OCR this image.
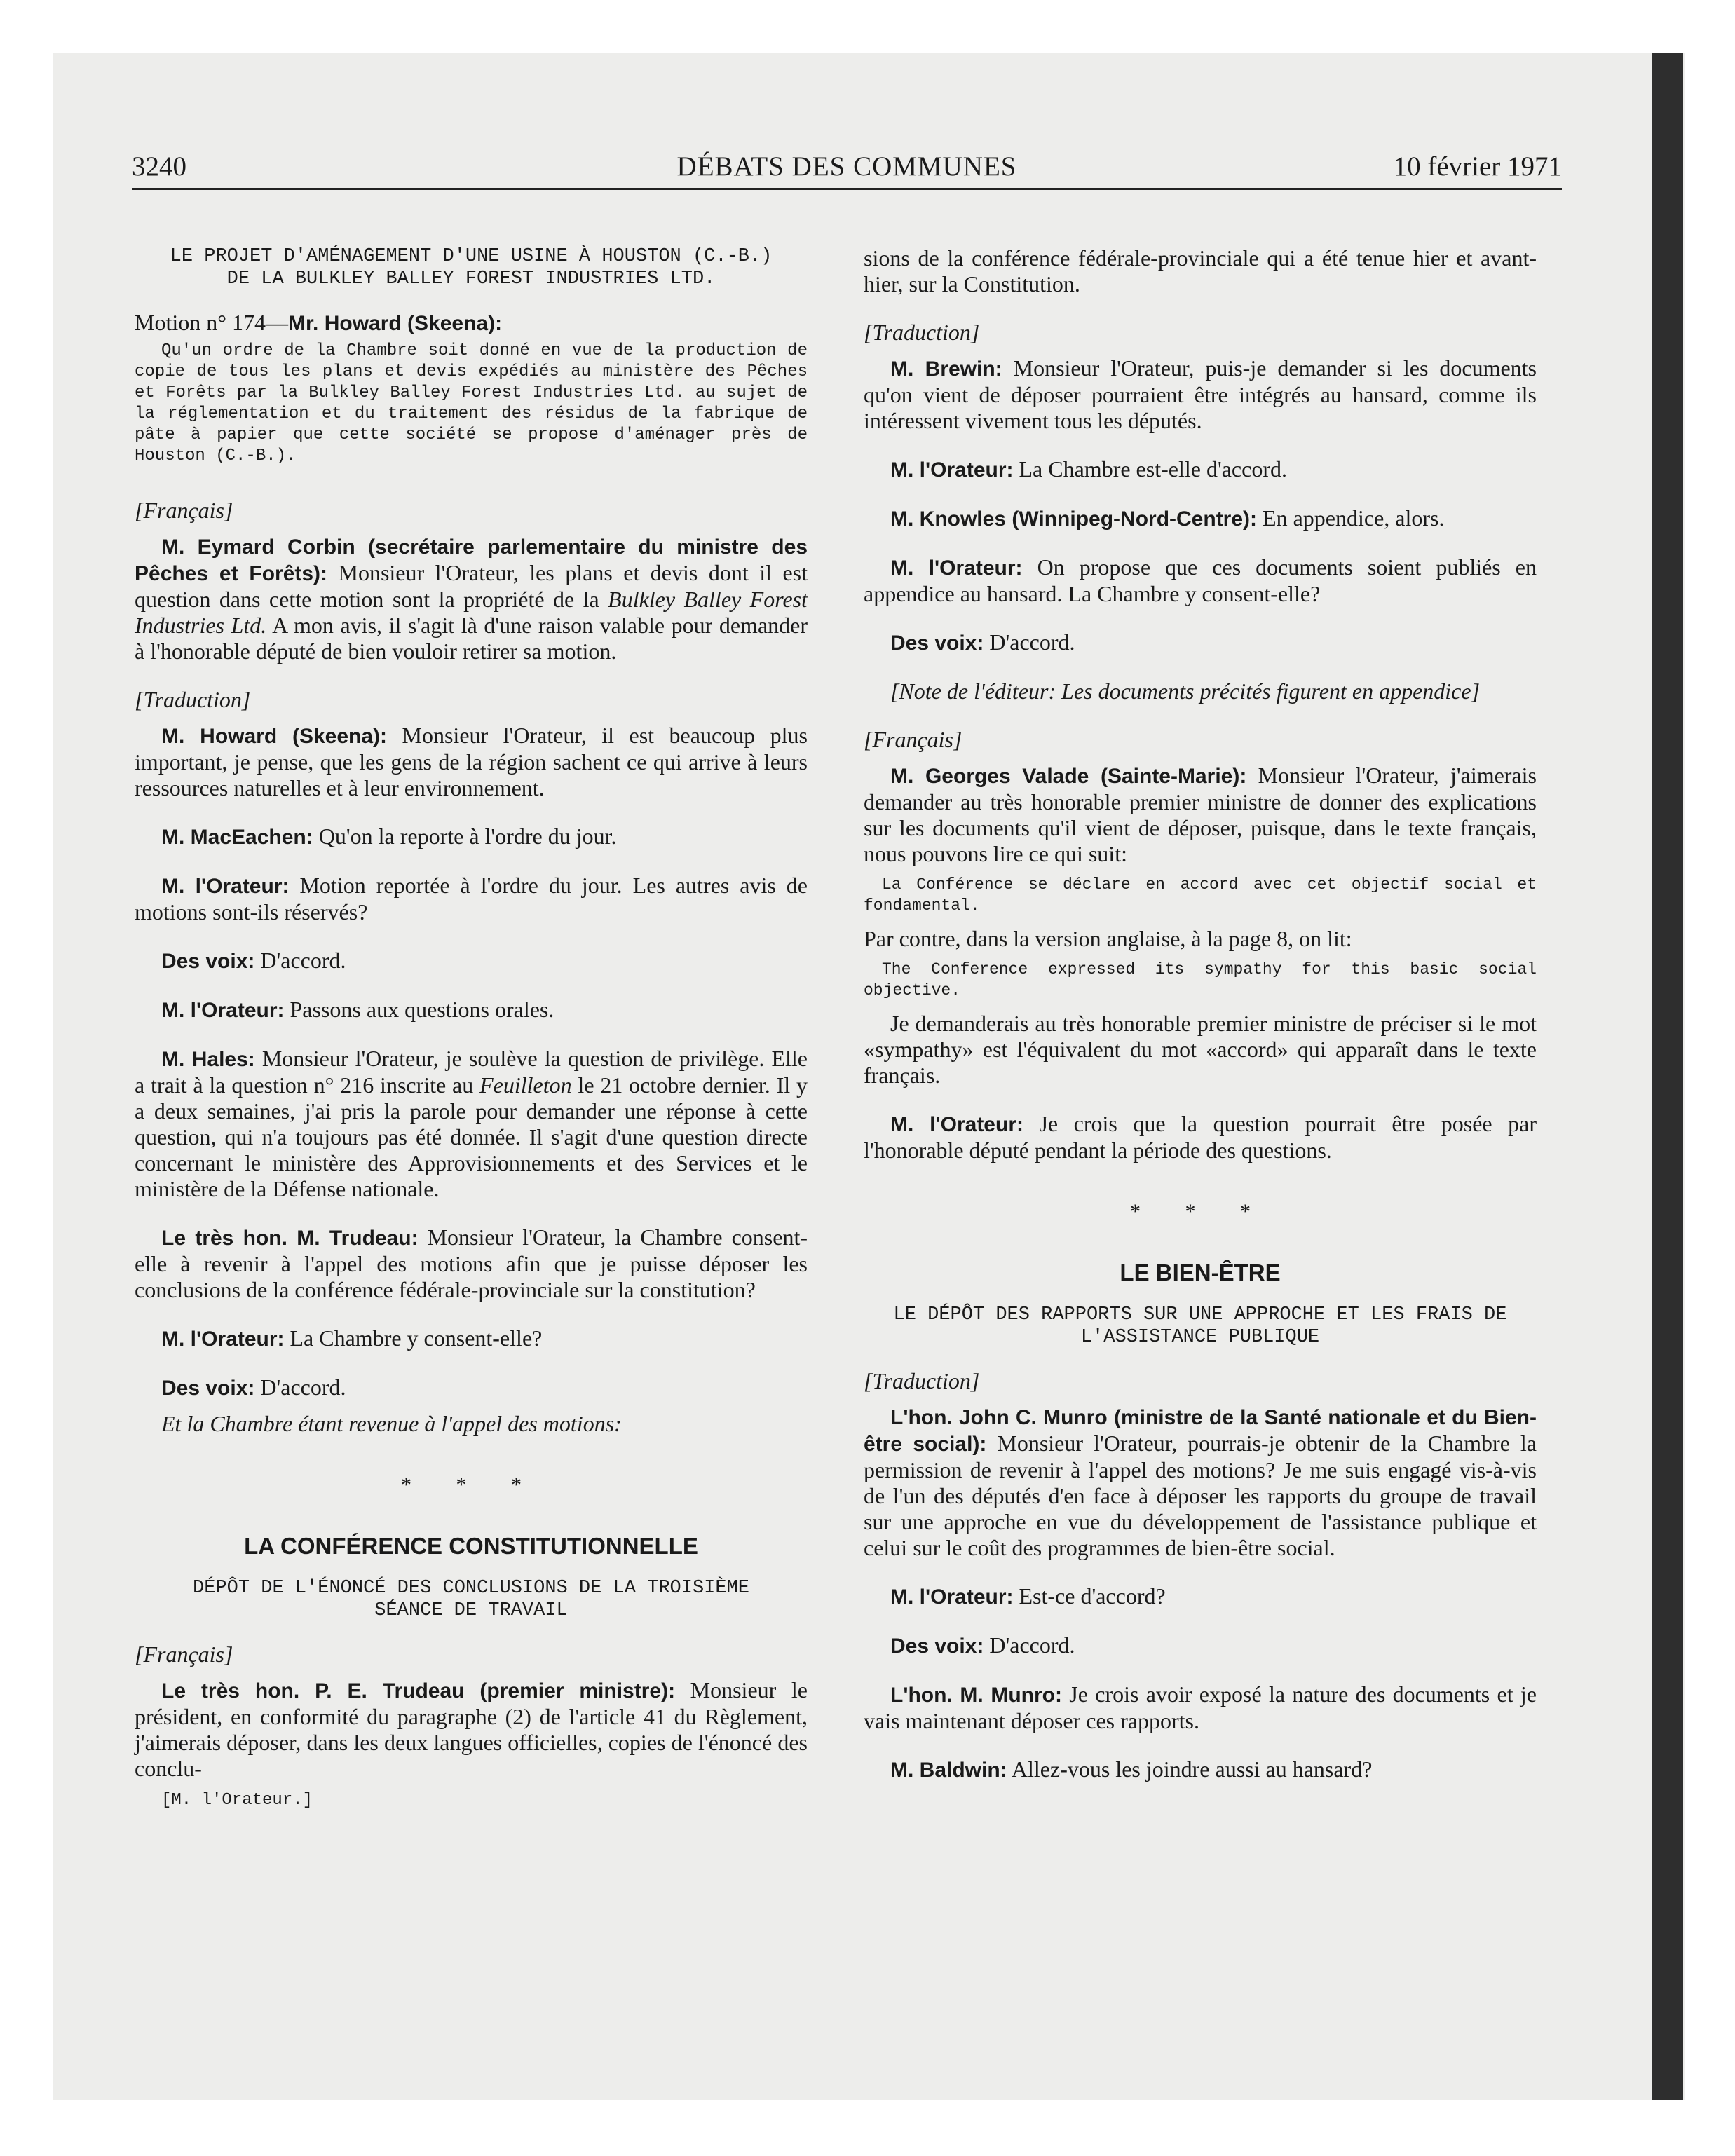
3240	DÉBATS DES COMMUNES	10 février 1971

LE PROJET D'AMÉNAGEMENT D'UNE USINE À HOUSTON (C.-B.) DE LA BULKLEY BALLEY FOREST INDUSTRIES LTD.

Motion n° 174—Mr. Howard (Skeena):

Qu'un ordre de la Chambre soit donné en vue de la production de copie de tous les plans et devis expédiés au ministère des Pêches et Forêts par la Bulkley Balley Forest Industries Ltd. au sujet de la réglementation et du traitement des résidus de la fabrique de pâte à papier que cette société se propose d'aménager près de Houston (C.-B.).

[Français]

M. Eymard Corbin (secrétaire parlementaire du ministre des Pêches et Forêts): Monsieur l'Orateur, les plans et devis dont il est question dans cette motion sont la propriété de la Bulkley Balley Forest Industries Ltd. A mon avis, il s'agit là d'une raison valable pour demander à l'honorable député de bien vouloir retirer sa motion.

[Traduction]

M. Howard (Skeena): Monsieur l'Orateur, il est beaucoup plus important, je pense, que les gens de la région sachent ce qui arrive à leurs ressources naturelles et à leur environnement.

M. MacEachen: Qu'on la reporte à l'ordre du jour.

M. l'Orateur: Motion reportée à l'ordre du jour. Les autres avis de motions sont-ils réservés?

Des voix: D'accord.

M. l'Orateur: Passons aux questions orales.

M. Hales: Monsieur l'Orateur, je soulève la question de privilège. Elle a trait à la question n° 216 inscrite au Feuilleton le 21 octobre dernier. Il y a deux semaines, j'ai pris la parole pour demander une réponse à cette question, qui n'a toujours pas été donnée. Il s'agit d'une question directe concernant le ministère des Approvisionnements et des Services et le ministère de la Défense nationale.

Le très hon. M. Trudeau: Monsieur l'Orateur, la Chambre consent-elle à revenir à l'appel des motions afin que je puisse déposer les conclusions de la conférence fédérale-provinciale sur la constitution?

M. l'Orateur: La Chambre y consent-elle?

Des voix: D'accord.

Et la Chambre étant revenue à l'appel des motions:

* * *

LA CONFÉRENCE CONSTITUTIONNELLE

DÉPÔT DE L'ÉNONCÉ DES CONCLUSIONS DE LA TROISIÈME SÉANCE DE TRAVAIL

[Français]

Le très hon. P. E. Trudeau (premier ministre): Monsieur le président, en conformité du paragraphe (2) de l'article 41 du Règlement, j'aimerais déposer, dans les deux langues officielles, copies de l'énoncé des conclu-

[M. l'Orateur.]

sions de la conférence fédérale-provinciale qui a été tenue hier et avant-hier, sur la Constitution.

[Traduction]

M. Brewin: Monsieur l'Orateur, puis-je demander si les documents qu'on vient de déposer pourraient être intégrés au hansard, comme ils intéressent vivement tous les députés.

M. l'Orateur: La Chambre est-elle d'accord.

M. Knowles (Winnipeg-Nord-Centre): En appendice, alors.

M. l'Orateur: On propose que ces documents soient publiés en appendice au hansard. La Chambre y consent-elle?

Des voix: D'accord.

[Note de l'éditeur: Les documents précités figurent en appendice]

[Français]

M. Georges Valade (Sainte-Marie): Monsieur l'Orateur, j'aimerais demander au très honorable premier ministre de donner des explications sur les documents qu'il vient de déposer, puisque, dans le texte français, nous pouvons lire ce qui suit:

La Conférence se déclare en accord avec cet objectif social et fondamental.

Par contre, dans la version anglaise, à la page 8, on lit:

The Conference expressed its sympathy for this basic social objective.

Je demanderais au très honorable premier ministre de préciser si le mot «sympathy» est l'équivalent du mot «accord» qui apparaît dans le texte français.

M. l'Orateur: Je crois que la question pourrait être posée par l'honorable député pendant la période des questions.

* * *

LE BIEN-ÊTRE

LE DÉPÔT DES RAPPORTS SUR UNE APPROCHE ET LES FRAIS DE L'ASSISTANCE PUBLIQUE

[Traduction]

L'hon. John C. Munro (ministre de la Santé nationale et du Bien-être social): Monsieur l'Orateur, pourrais-je obtenir de la Chambre la permission de revenir à l'appel des motions? Je me suis engagé vis-à-vis de l'un des députés d'en face à déposer les rapports du groupe de travail sur une approche en vue du développement de l'assistance publique et celui sur le coût des programmes de bien-être social.

M. l'Orateur: Est-ce d'accord?

Des voix: D'accord.

L'hon. M. Munro: Je crois avoir exposé la nature des documents et je vais maintenant déposer ces rapports.

M. Baldwin: Allez-vous les joindre aussi au hansard?
